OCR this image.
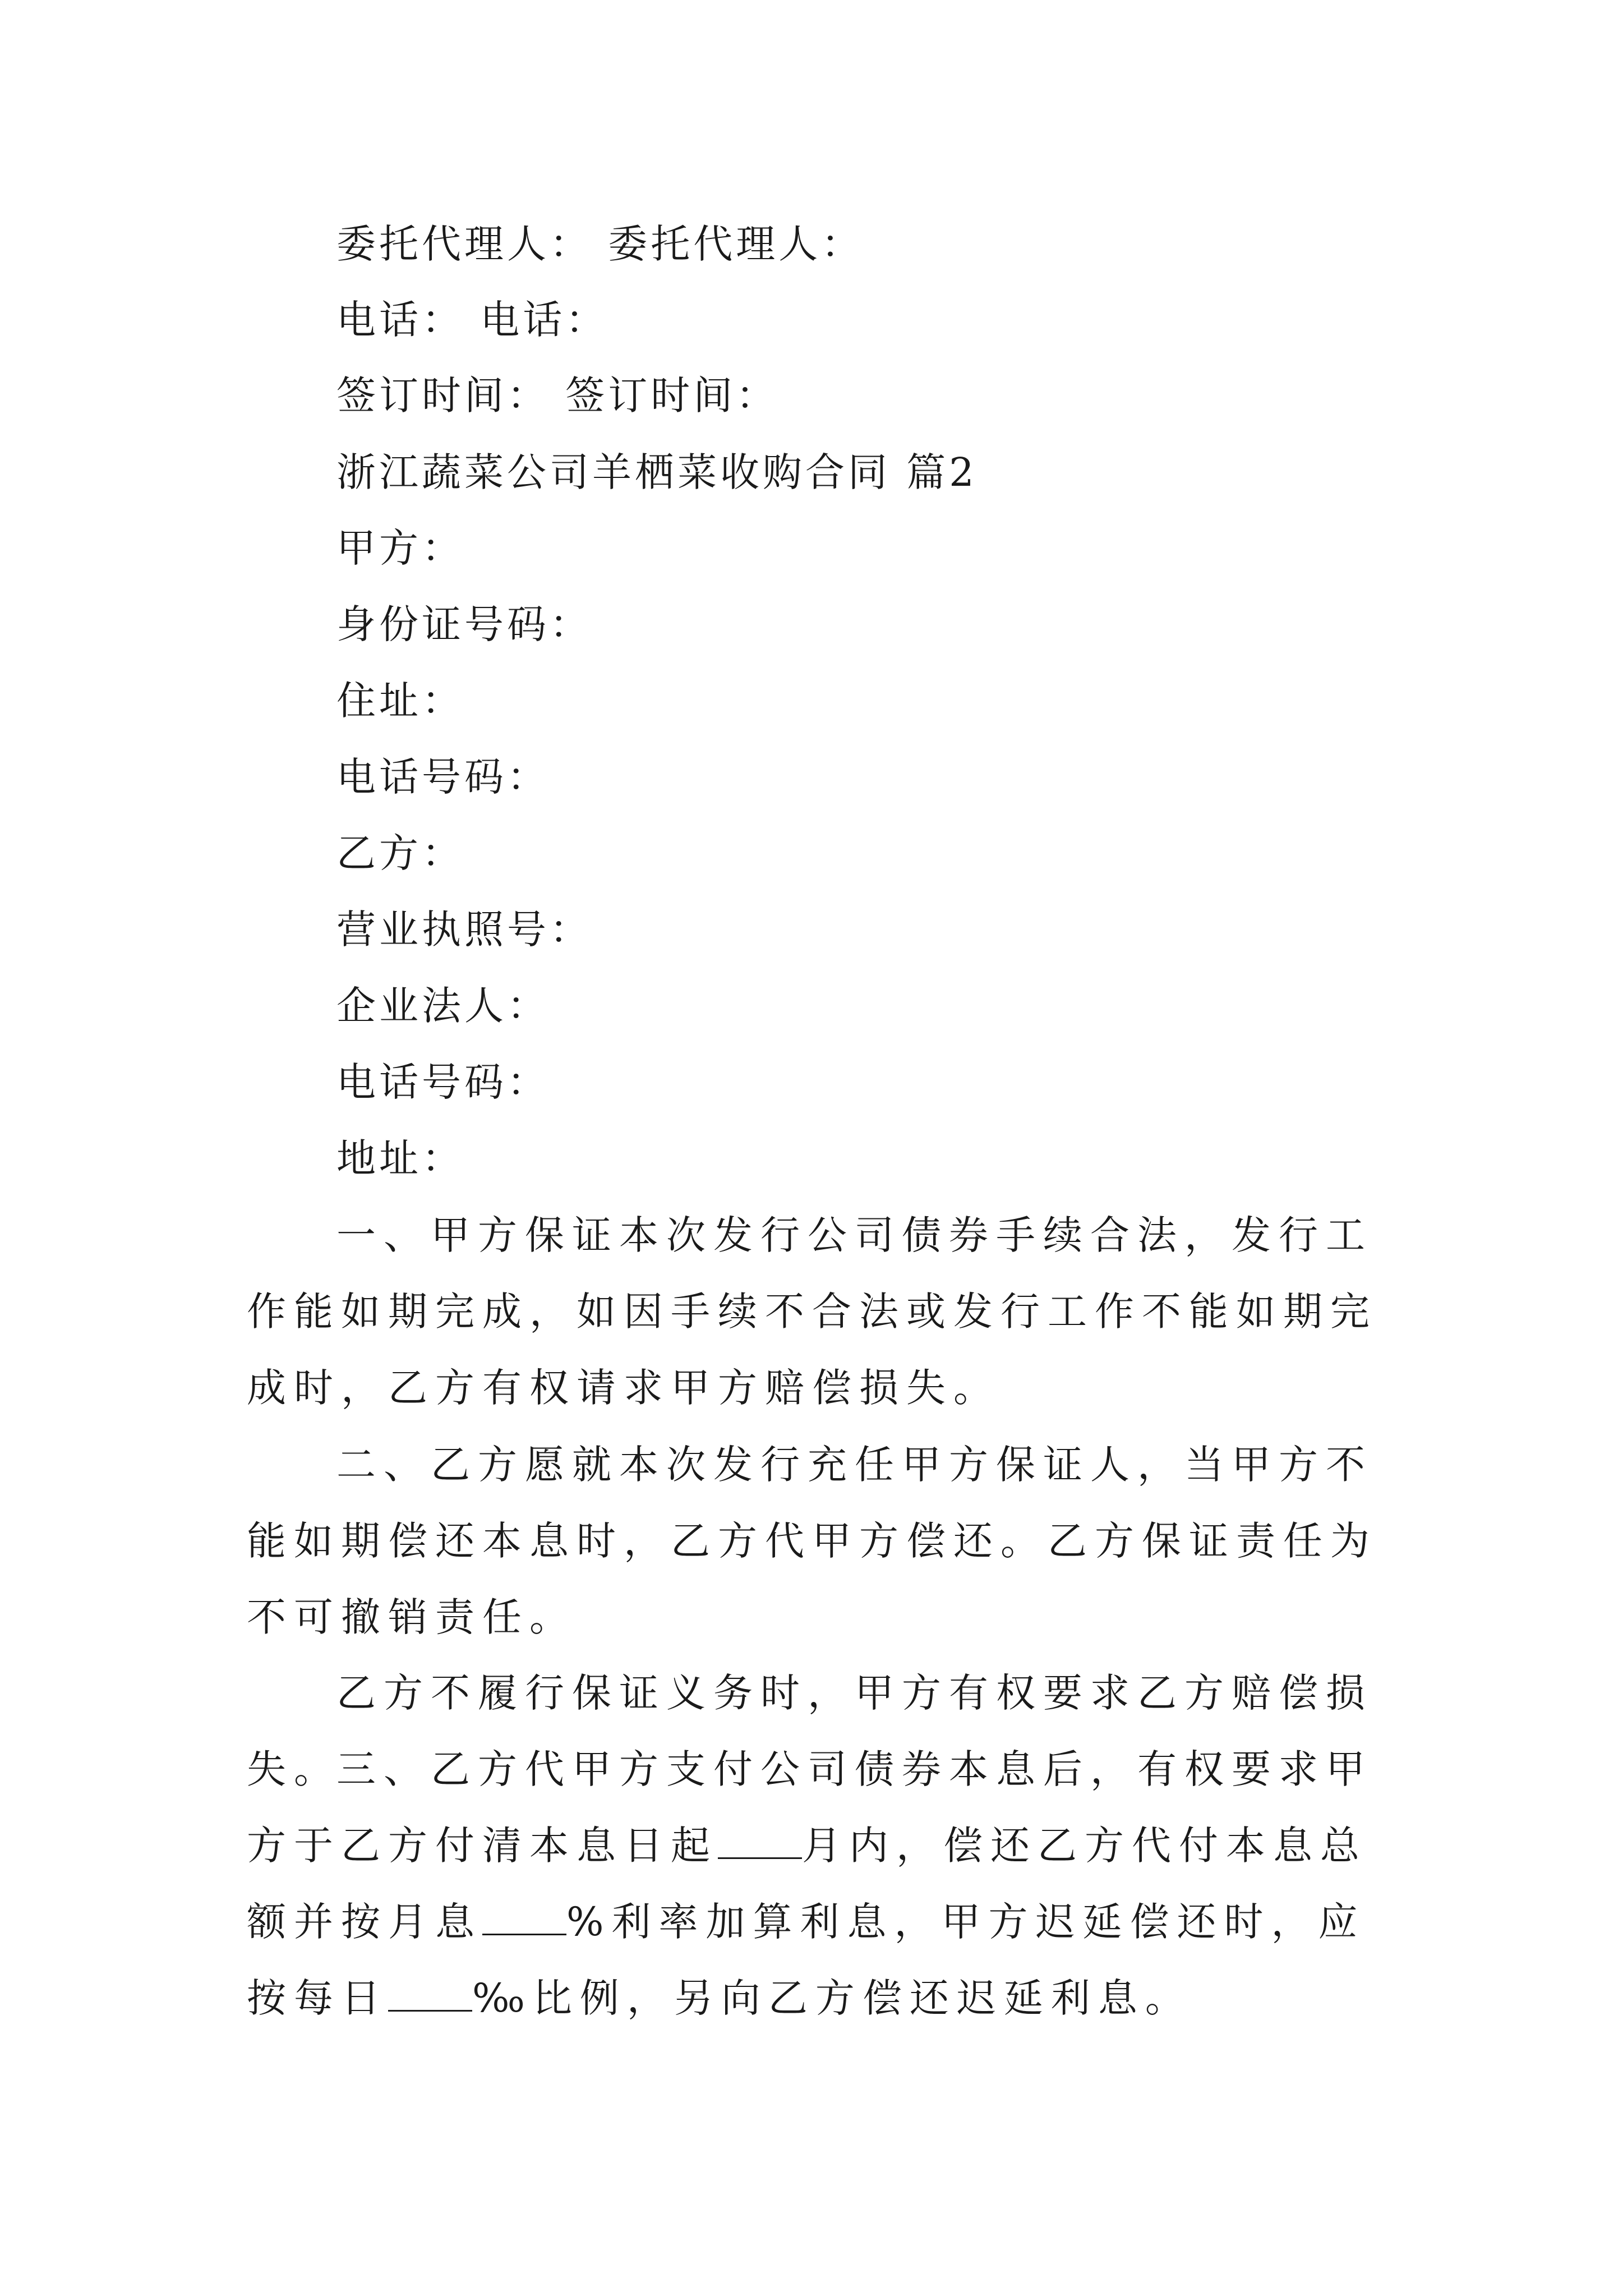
委托代理人： 委托代理人：
电话： 电话：
签订时间： 签订时间：
浙江蔬菜公司羊栖菜收购合同 篇2
甲方：
身份证号码：
住址：
电话号码：
乙方：
营业执照号：
企业法人：
电话号码：
地址：

一、甲方保证本次发行公司债券手续合法，发行工作能如期完成，如因手续不合法或发行工作不能如期完成时，乙方有权请求甲方赔偿损失。

二、乙方愿就本次发行充任甲方保证人，当甲方不能如期偿还本息时，乙方代甲方偿还。乙方保证责任为不可撤销责任。

乙方不履行保证义务时，甲方有权要求乙方赔偿损失。

三、乙方代甲方支付公司债券本息后，有权要求甲方于乙方付清本息日起 月内，偿还乙方代付本息总额并按月息 %利率加算利息，甲方迟延偿还时，应按每日 ‰比例，另向乙方偿还迟延利息。
